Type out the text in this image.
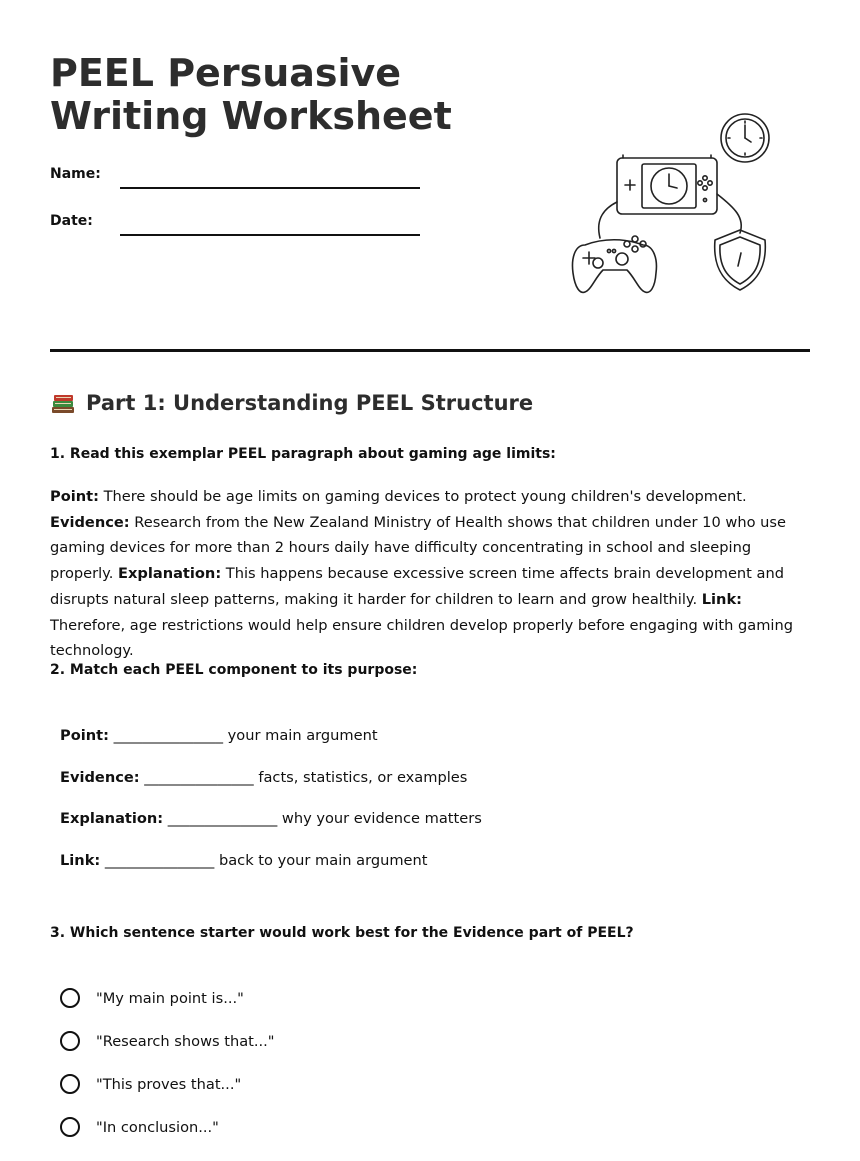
PEEL Persuasive Writing Worksheet
Name:
Date:
Part 1: Understanding PEEL Structure
1. Read this exemplar PEEL paragraph about gaming age limits:

Point: There should be age limits on gaming devices to protect young children's development. Evidence: Research from the New Zealand Ministry of Health shows that children under 10 who use gaming devices for more than 2 hours daily have difficulty concentrating in school and sleeping properly. Explanation: This happens because excessive screen time affects brain development and disrupts natural sleep patterns, making it harder for children to learn and grow healthily. Link: Therefore, age restrictions would help ensure children develop properly before engaging with gaming technology.

2. Match each PEEL component to its purpose:
Point: _______________ your main argument
Evidence: _______________ facts, statistics, or examples
Explanation: _______________ why your evidence matters
Link: _______________ back to your main argument
3. Which sentence starter would work best for the Evidence part of PEEL?
"My main point is..."
"Research shows that..."
"This proves that..."
"In conclusion..."
